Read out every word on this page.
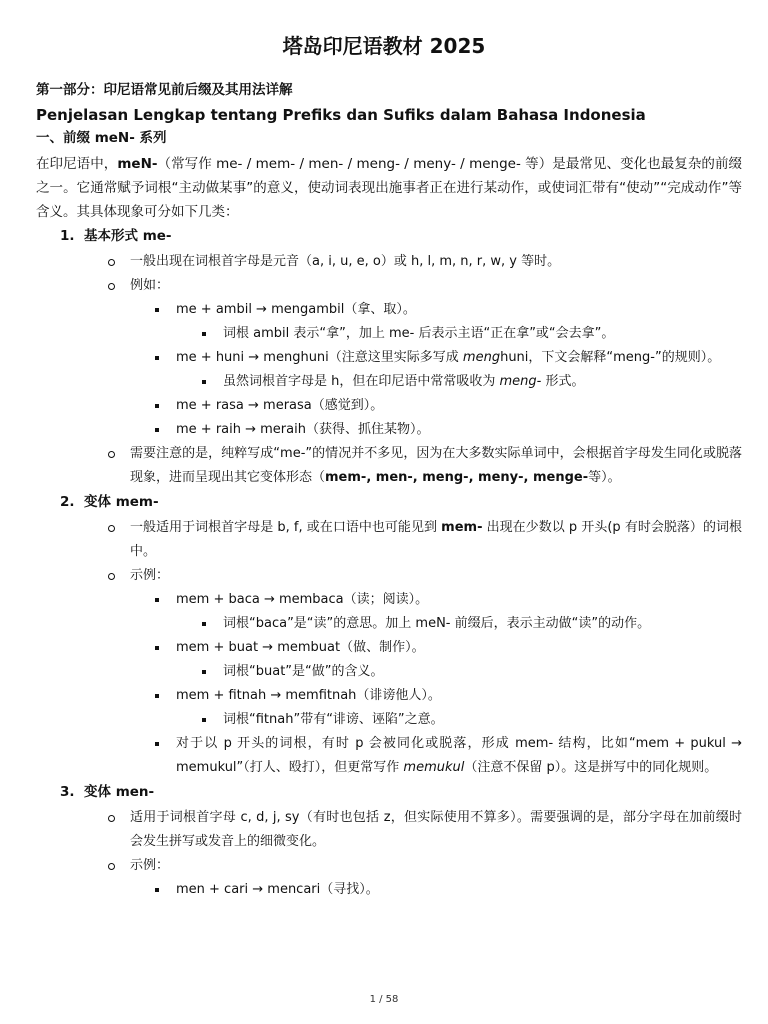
塔岛印尼语教材 2025
第一部分：印尼语常见前后缀及其用法详解
Penjelasan Lengkap tentang Prefiks dan Sufiks dalam Bahasa Indonesia
一、前缀 meN- 系列

在印尼语中，meN-（常写作 me- / mem- / men- / meng- / meny- / menge- 等）是最常见、变化也最复杂的前缀之一。它通常赋予词根“主动做某事”的意义，使动词表现出施事者正在进行某动作，或使词汇带有“使动”“完成动作”等含义。其具体现象可分如下几类：

1. 基本形式 me-

一般出现在词根首字母是元音（a, i, u, e, o）或 h, l, m, n, r, w, y 等时。

例如：

me + ambil → mengambil（拿、取）。

词根 ambil 表示“拿”，加上 me- 后表示主语“正在拿”或“会去拿”。

me + huni → menghuni（注意这里实际多写成 menghuni，下文会解释“meng-”的规则）。

虽然词根首字母是 h，但在印尼语中常常吸收为 meng- 形式。

me + rasa → merasa（感觉到）。

me + raih → meraih（获得、抓住某物）。

需要注意的是，纯粹写成“me-”的情况并不多见，因为在大多数实际单词中，会根据首字母发生同化或脱落现象，进而呈现出其它变体形态（mem-, men-, meng-, meny-, menge-等）。

2. 变体 mem-

一般适用于词根首字母是 b, f, 或在口语中也可能见到 mem- 出现在少数以 p 开头(p 有时会脱落）的词根中。

示例：

mem + baca → membaca（读；阅读）。

词根“baca”是“读”的意思。加上 meN- 前缀后，表示主动做“读”的动作。

mem + buat → membuat（做、制作）。

词根“buat”是“做”的含义。

mem + fitnah → memfitnah（诽谤他人）。

词根“fitnah”带有“诽谤、诬陷”之意。

对于以 p 开头的词根，有时 p 会被同化或脱落，形成 mem- 结构，比如“mem + pukul → memukul”（打人、殴打），但更常写作 memukul（注意不保留 p）。这是拼写中的同化规则。

3. 变体 men-

适用于词根首字母 c, d, j, sy（有时也包括 z，但实际使用不算多）。需要强调的是，部分字母在加前缀时会发生拼写或发音上的细微变化。

示例：

men + cari → mencari（寻找）。

1 / 58
